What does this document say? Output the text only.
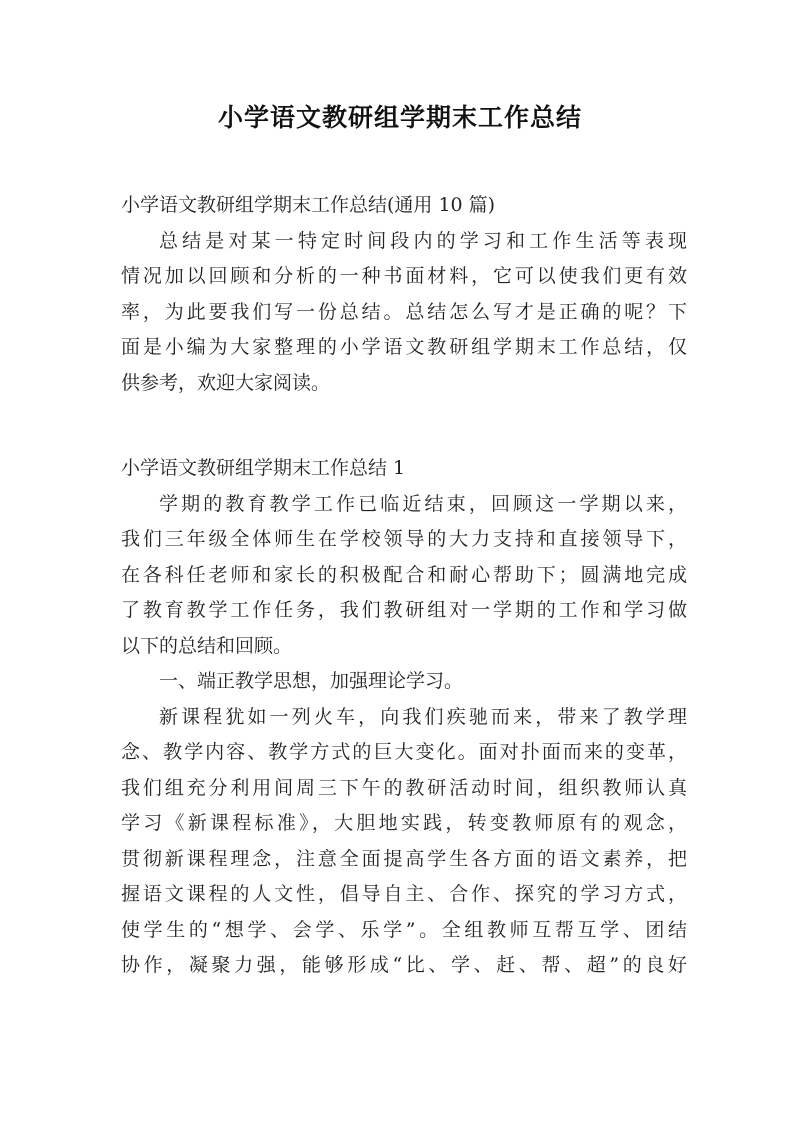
小学语文教研组学期末工作总结

小学语文教研组学期末工作总结(通用 10 篇)

总结是对某一特定时间段内的学习和工作生活等表现

情况加以回顾和分析的一种书面材料，它可以使我们更有效

率，为此要我们写一份总结。总结怎么写才是正确的呢？下

面是小编为大家整理的小学语文教研组学期末工作总结，仅

供参考，欢迎大家阅读。

小学语文教研组学期末工作总结 1

学期的教育教学工作已临近结束，回顾这一学期以来，

我们三年级全体师生在学校领导的大力支持和直接领导下，

在各科任老师和家长的积极配合和耐心帮助下；圆满地完成

了教育教学工作任务，我们教研组对一学期的工作和学习做

以下的总结和回顾。

一、端正教学思想，加强理论学习。

新课程犹如一列火车，向我们疾驰而来，带来了教学理

念、教学内容、教学方式的巨大变化。面对扑面而来的变革，

我们组充分利用间周三下午的教研活动时间，组织教师认真

学习《新课程标准》，大胆地实践，转变教师原有的观念，

贯彻新课程理念，注意全面提高学生各方面的语文素养，把

握语文课程的人文性，倡导自主、合作、探究的学习方式，

使学生的“想学、会学、乐学”。全组教师互帮互学、团结

协作，凝聚力强，能够形成“比、学、赶、帮、超”的良好
